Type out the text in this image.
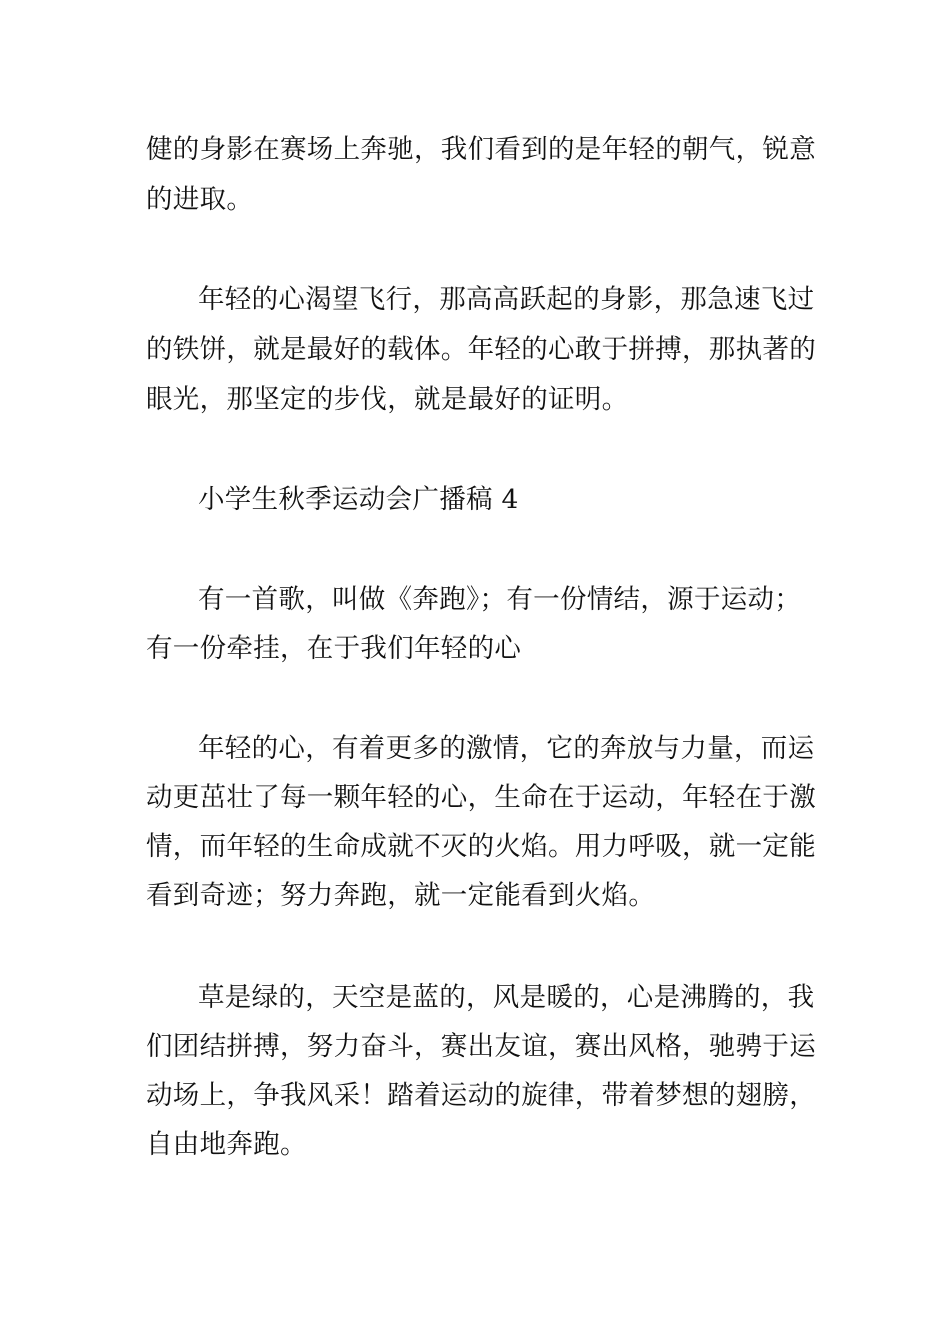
健的身影在赛场上奔驰，我们看到的是年轻的朝气，锐意
的进取。
年轻的心渴望飞行，那高高跃起的身影，那急速飞过
的铁饼，就是最好的载体。年轻的心敢于拼搏，那执著的
眼光，那坚定的步伐，就是最好的证明。
小学生秋季运动会广播稿 4
有一首歌，叫做《奔跑》；有一份情结，源于运动；
有一份牵挂，在于我们年轻的心
年轻的心，有着更多的激情，它的奔放与力量，而运
动更茁壮了每一颗年轻的心，生命在于运动，年轻在于激
情，而年轻的生命成就不灭的火焰。用力呼吸，就一定能
看到奇迹；努力奔跑，就一定能看到火焰。
草是绿的，天空是蓝的，风是暖的，心是沸腾的，我
们团结拼搏，努力奋斗，赛出友谊，赛出风格，驰骋于运
动场上，争我风采！踏着运动的旋律，带着梦想的翅膀，
自由地奔跑。
